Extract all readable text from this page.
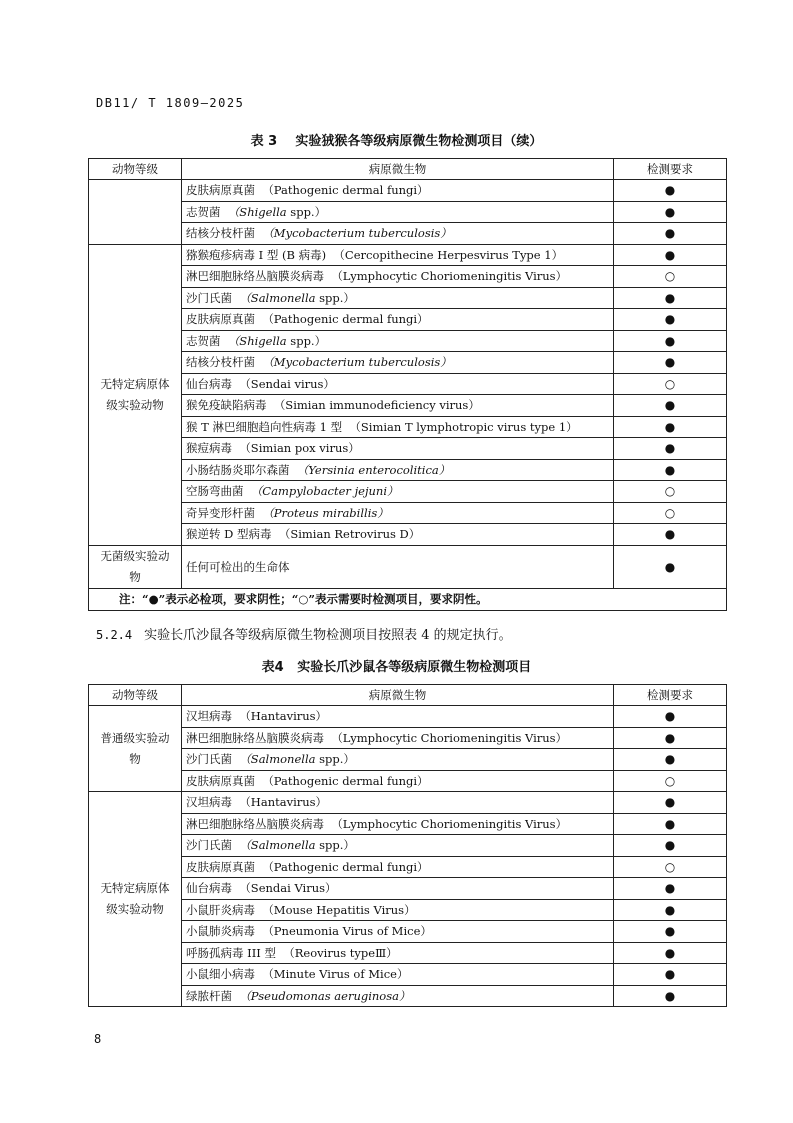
DB11/ T 1809—2025
表 3 实验狨猴各等级病原微生物检测项目（续）
动物等级	病原微生物	检测要求
	皮肤病原真菌 （Pathogenic dermal fungi）	●
	志贺菌 （Shigella spp.）	●
	结核分枝杆菌 （Mycobacterium tuberculosis）	●
无特定病原体级实验动物	猕猴疱疹病毒 I 型 (B 病毒) （Cercopithecine Herpesvirus Type 1）	●
	淋巴细胞脉络丛脑膜炎病毒 （Lymphocytic Choriomeningitis Virus）	○
	沙门氏菌 （Salmonella spp.）	●
	皮肤病原真菌 （Pathogenic dermal fungi）	●
	志贺菌 （Shigella spp.）	●
	结核分枝杆菌 （Mycobacterium tuberculosis）	●
	仙台病毒 （Sendai virus）	○
	猴免疫缺陷病毒 （Simian immunodeficiency virus）	●
	猴 T 淋巴细胞趋向性病毒 1 型 （Simian T lymphotropic virus type 1）	●
	猴痘病毒 （Simian pox virus）	●
	小肠结肠炎耶尔森菌 （Yersinia enterocolitica）	●
	空肠弯曲菌 （Campylobacter jejuni）	○
	奇异变形杆菌 （Proteus mirabillis）	○
	猴逆转 D 型病毒 （Simian Retrovirus D）	●
无菌级实验动物	任何可检出的生命体	●
注：“●”表示必检项，要求阴性；“○”表示需要时检测项目，要求阴性。		
5.2.4 实验长爪沙鼠各等级病原微生物检测项目按照表 4 的规定执行。
表4 实验长爪沙鼠各等级病原微生物检测项目
动物等级	病原微生物	检测要求
普通级实验动物	汉坦病毒 （Hantavirus）	●
	淋巴细胞脉络丛脑膜炎病毒 （Lymphocytic Choriomeningitis Virus）	●
	沙门氏菌 （Salmonella spp.）	●
	皮肤病原真菌 （Pathogenic dermal fungi）	○
无特定病原体级实验动物	汉坦病毒 （Hantavirus）	●
	淋巴细胞脉络丛脑膜炎病毒 （Lymphocytic Choriomeningitis Virus）	●
	沙门氏菌 （Salmonella spp.）	●
	皮肤病原真菌 （Pathogenic dermal fungi）	○
	仙台病毒 （Sendai Virus）	●
	小鼠肝炎病毒 （Mouse Hepatitis Virus）	●
	小鼠肺炎病毒 （Pneumonia Virus of Mice）	●
	呼肠孤病毒 III 型 （Reovirus typeⅢ）	●
	小鼠细小病毒 （Minute Virus of Mice）	●
	绿脓杆菌 （Pseudomonas aeruginosa）	●
8
